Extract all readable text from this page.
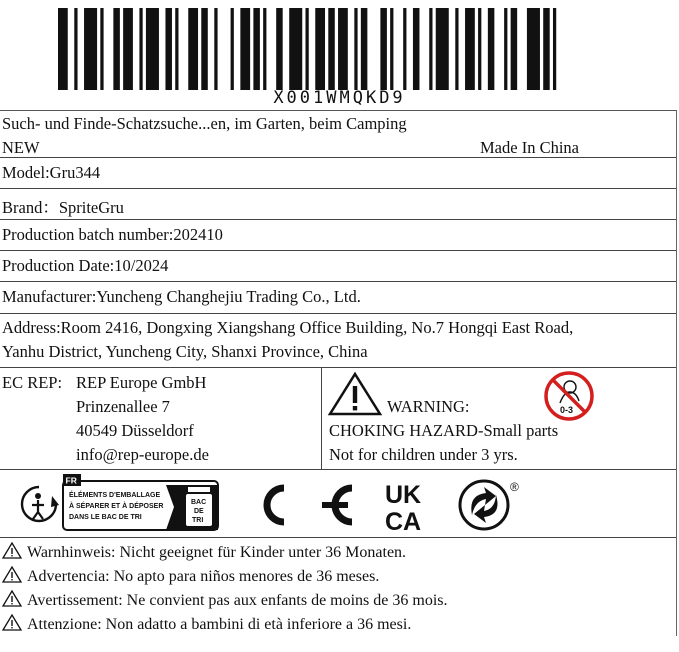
X001WMQKD9
Such- und Finde-Schatzsuche...en, im Garten, beim Camping
NEW	Made In China
Model:Gru344
Brand：SpriteGru
Production batch number:202410
Production Date:10/2024
Manufacturer:Yuncheng Changhejiu Trading Co., Ltd.
Address:Room 2416, Dongxing Xiangshang Office Building, No.7 Hongqi East Road,
Yanhu District, Yuncheng City, Shanxi Province, China
EC REP: REP Europe GmbH
Prinzenallee 7
40549 Düsseldorf
info@rep-europe.de
WARNING:
CHOKING HAZARD-Small parts
Not for children under 3 yrs.
0-3
FR
ÉLÉMENTS D'EMBALLAGE
À SÉPARER ET À DÉPOSER
DANS LE BAC DE TRI
BAC
DE
TRI
UK
CA
®
Warnhinweis: Nicht geeignet für Kinder unter 36 Monaten.
Advertencia: No apto para niños menores de 36 meses.
Avertissement: Ne convient pas aux enfants de moins de 36 mois.
Attenzione: Non adatto a bambini di età inferiore a 36 mesi.
